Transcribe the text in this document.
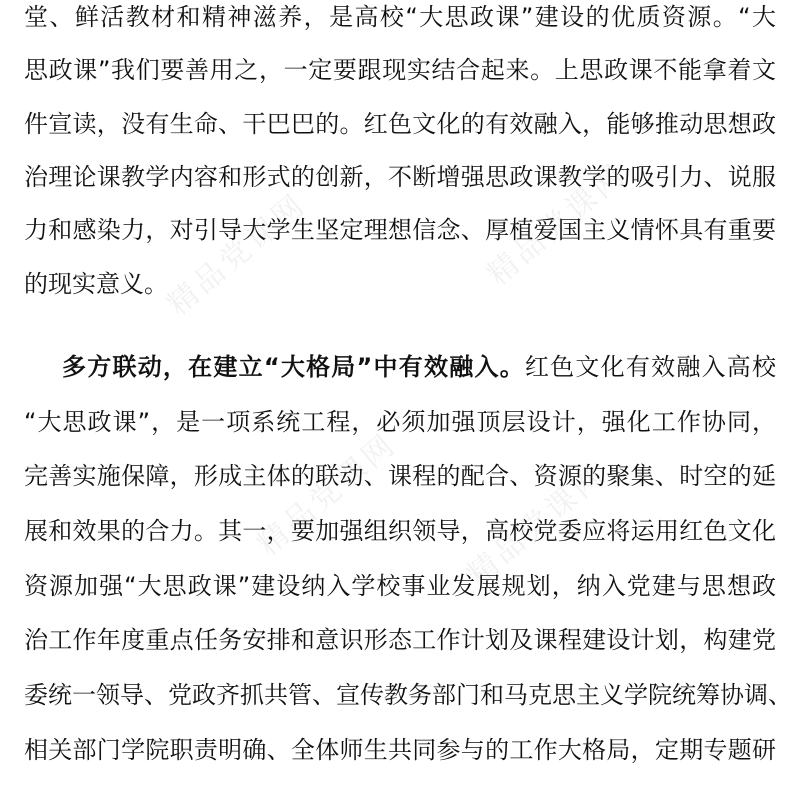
精品党课网	精品党课网
精品党课网 精品党课网
堂、鲜活教材和精神滋养，是高校“大思政课”建设的优质资源。“大
思政课”我们要善用之，一定要跟现实结合起来。上思政课不能拿着文
件宣读，没有生命、干巴巴的。红色文化的有效融入，能够推动思想政
治理论课教学内容和形式的创新，不断增强思政课教学的吸引力、说服
力和感染力，对引导大学生坚定理想信念、厚植爱国主义情怀具有重要
的现实意义。
多方联动，在建立“大格局”中有效融入。红色文化有效融入高校
“大思政课”，是一项系统工程，必须加强顶层设计，强化工作协同，
完善实施保障，形成主体的联动、课程的配合、资源的聚集、时空的延
展和效果的合力。其一，要加强组织领导，高校党委应将运用红色文化
资源加强“大思政课”建设纳入学校事业发展规划，纳入党建与思想政
治工作年度重点任务安排和意识形态工作计划及课程建设计划，构建党
委统一领导、党政齐抓共管、宣传教务部门和马克思主义学院统筹协调、
相关部门学院职责明确、全体师生共同参与的工作大格局，定期专题研
